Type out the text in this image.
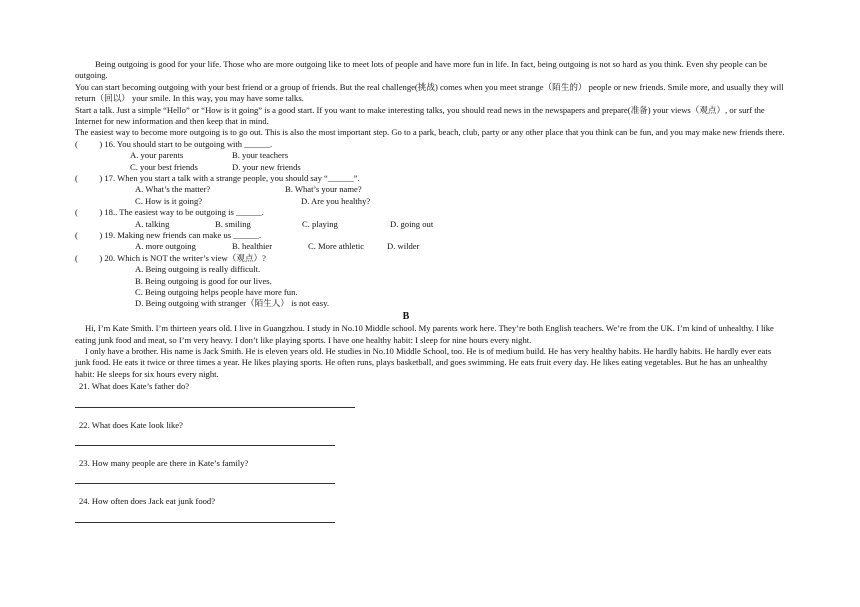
Being outgoing is good for your life. Those who are more outgoing like to meet lots of people and have more fun in life. In fact, being outgoing is not so hard as you think. Even shy people can be outgoing.

You can start becoming outgoing with your best friend or a group of friends. But the real challenge(挑战) comes when you meet strange（陌生的） people or new friends. Smile more, and usually they will return（回以） your smile. In this way, you may have some talks.

Start a talk. Just a simple “Hello” or “How is it going” is a good start. If you want to make interesting talks, you should read news in the newspapers and prepare(准备) your views（观点）, or surf the Internet for new information and then keep that in mind.

The easiest way to become more outgoing is to go out. This is also the most important step. Go to a park, beach, club, party or any other place that you think can be fun, and you may make new friends there.

(          ) 16. You should start to be outgoing with ______.

A. your parents	B. your teachers
C. your best friends	D. your new friends

(          ) 17. When you start a talk with a strange people, you should say “______”.

A. What’s the matter?	B. What’s your name?
C. How is it going?	D. Are you healthy?

(          ) 18.. The easiest way to be outgoing is ______.

A. talking	B. smiling	C. playing	D. going out

(          ) 19. Making new friends can make us ______.

A. more outgoing	B. healthier	C. More athletic	D. wilder

(          ) 20. Which is NOT the writer’s view（观点）?

A. Being outgoing is really difficult.
B. Being outgoing is good for our lives.
C. Being outgoing helps people have more fun.
D. Being outgoing with stranger（陌生人） is not easy.
B

Hi, I’m Kate Smith. I’m thirteen years old. I live in Guangzhou. I study in No.10 Middle school. My parents work here. They’re both English teachers. We’re from the UK. I’m kind of unhealthy. I like eating junk food and meat, so I’m very heavy. I don’t like playing sports. I have one healthy habit: I sleep for nine hours every night.

I only have a brother. His name is Jack Smith. He is eleven years old. He studies in No.10 Middle School, too. He is of medium build. He has very healthy habits. He hardly habits. He hardly ever eats junk food. He eats it twice or three times a year. He likes playing sports. He often runs, plays basketball, and goes swimming. He eats fruit every day. He likes eating vegetables. But he has an unhealthy habit: He sleeps for six hours every night.

21. What does Kate’s father do?

22. What does Kate look like?

23. How many people are there in Kate’s family?

24. How often does Jack eat junk food?
